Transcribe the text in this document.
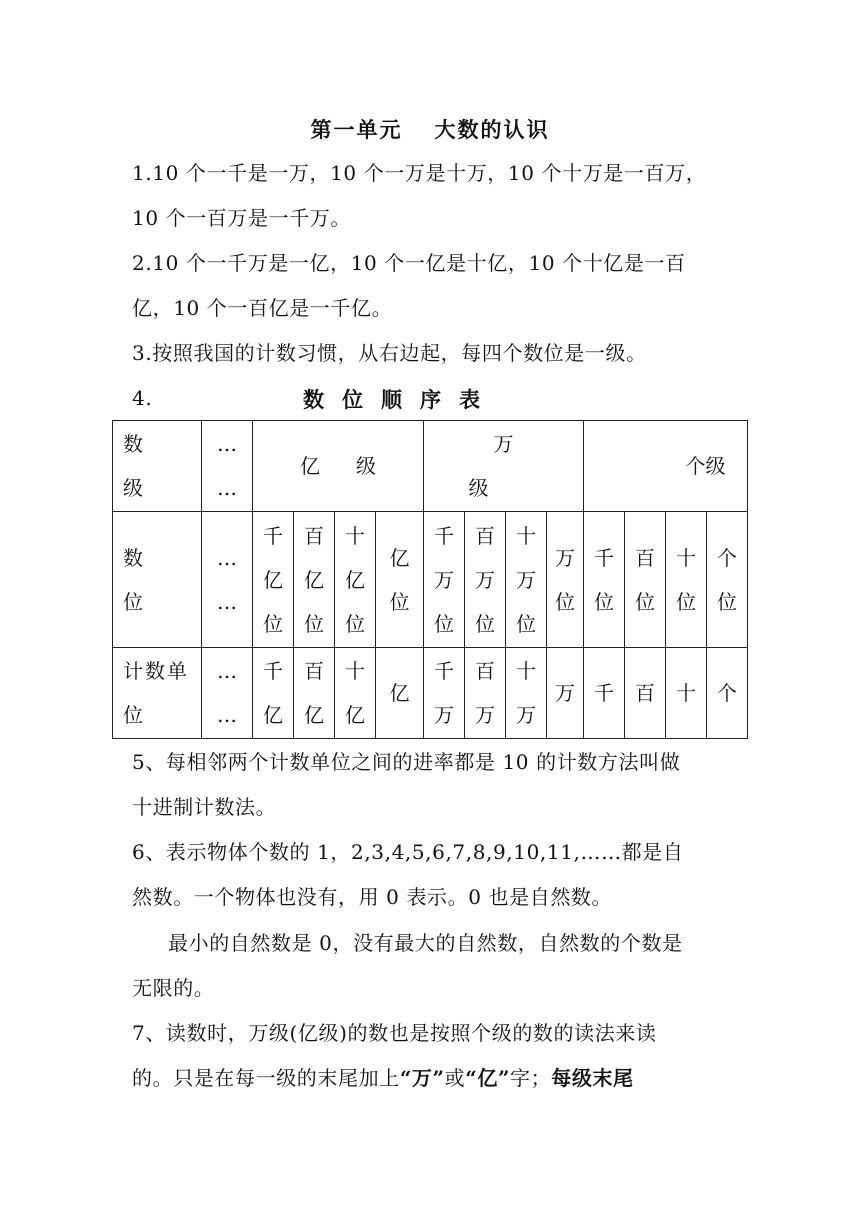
第一单元 大数的认识
1.10 个一千是一万，10 个一万是十万，10 个十万是一百万，
10 个一百万是一千万。
2.10 个一千万是一亿，10 个一亿是十亿，10 个十亿是一百
亿，10 个一百亿是一千亿。
3.按照我国的计数习惯，从右边起，每四个数位是一级。
4.	数位顺序表
数级	…
…	亿级				万级				个级			

数位	…
…	千亿位	百亿位	十亿位	亿位	千万位	百万位	十万位	万位	千位	百位	十位	个位

计数单位	…
…	千亿	百亿	十亿	亿	千万	百万	十万	万	千	百	十	个
5、每相邻两个计数单位之间的进率都是 10 的计数方法叫做
十进制计数法。
6、表示物体个数的 1，2,3,4,5,6,7,8,9,10,11,……都是自
然数。一个物体也没有，用 0 表示。0 也是自然数。
最小的自然数是 0，没有最大的自然数，自然数的个数是
无限的。
7、读数时，万级(亿级)的数也是按照个级的数的读法来读
的。只是在每一级的末尾加上“万”或“亿”字；每级末尾
